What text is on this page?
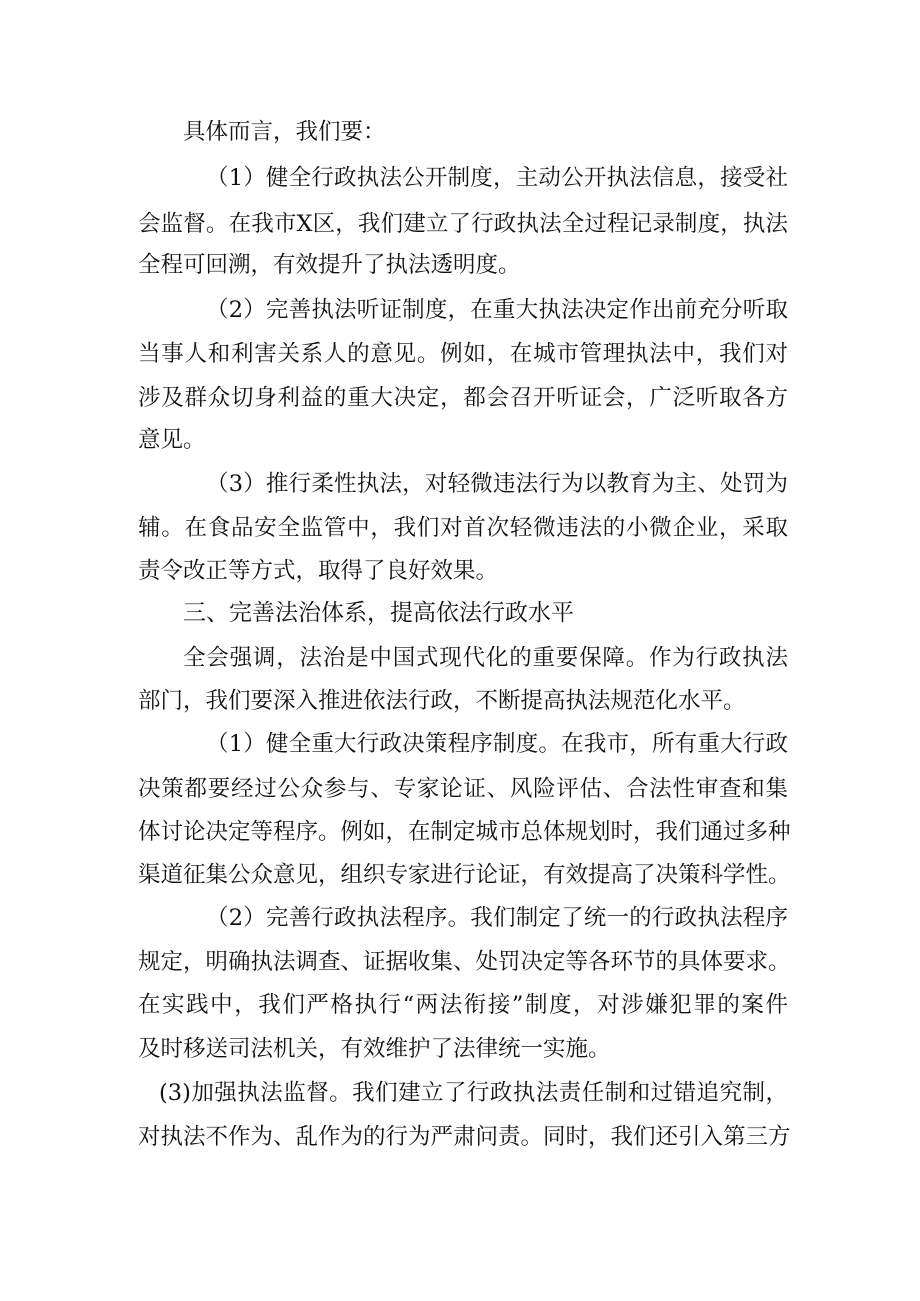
具体而言，我们要：
（1）健全行政执法公开制度，主动公开执法信息，接受社
会监督。在我市X区，我们建立了行政执法全过程记录制度，执法
全程可回溯，有效提升了执法透明度。
（2）完善执法听证制度，在重大执法决定作出前充分听取
当事人和利害关系人的意见。例如，在城市管理执法中，我们对
涉及群众切身利益的重大决定，都会召开听证会，广泛听取各方
意见。
（3）推行柔性执法，对轻微违法行为以教育为主、处罚为
辅。在食品安全监管中，我们对首次轻微违法的小微企业，采取
责令改正等方式，取得了良好效果。
三、完善法治体系，提高依法行政水平
全会强调，法治是中国式现代化的重要保障。作为行政执法
部门，我们要深入推进依法行政，不断提高执法规范化水平。
（1）健全重大行政决策程序制度。在我市，所有重大行政
决策都要经过公众参与、专家论证、风险评估、合法性审查和集
体讨论决定等程序。例如，在制定城市总体规划时，我们通过多种
渠道征集公众意见，组织专家进行论证，有效提高了决策科学性。
（2）完善行政执法程序。我们制定了统一的行政执法程序
规定，明确执法调查、证据收集、处罚决定等各环节的具体要求。
在实践中，我们严格执行“两法衔接”制度，对涉嫌犯罪的案件
及时移送司法机关，有效维护了法律统一实施。
(3)加强执法监督。我们建立了行政执法责任制和过错追究制，
对执法不作为、乱作为的行为严肃问责。同时，我们还引入第三方
